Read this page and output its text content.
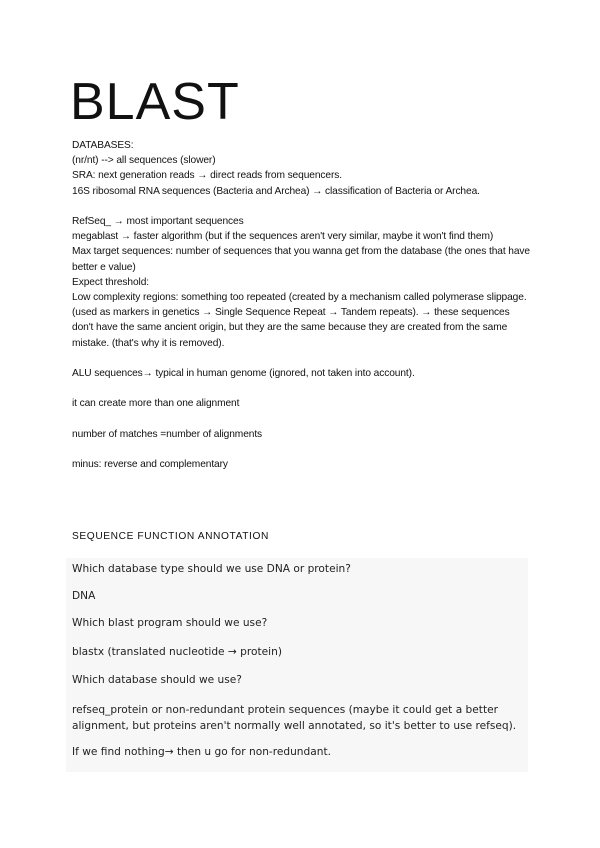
BLAST

DATABASES:

(nr/nt) --> all sequences (slower)

SRA: next generation reads → direct reads from sequencers.

16S ribosomal RNA sequences (Bacteria and Archea) → classification of Bacteria or Archea.

RefSeq_ → most important sequences

megablast → faster algorithm (but if the sequences aren't very similar, maybe it won't find them)

Max target sequences: number of sequences that you wanna get from the database (the ones that have better e value)

Expect threshold:

Low complexity regions: something too repeated (created by a mechanism called polymerase slippage. (used as markers in genetics → Single Sequence Repeat → Tandem repeats). → these sequences don't have the same ancient origin, but they are the same because they are created from the same mistake. (that's why it is removed).

ALU sequences→ typical in human genome (ignored, not taken into account).

it can create more than one alignment

number of matches =number of alignments

minus: reverse and complementary

SEQUENCE FUNCTION ANNOTATION
Which database type should we use DNA or protein?
DNA
Which blast program should we use?
blastx (translated nucleotide → protein)
Which database should we use?
refseq_protein or non-redundant protein sequences (maybe it could get a better alignment, but proteins aren't normally well annotated, so it's better to use refseq).
If we find nothing→ then u go for non-redundant.
